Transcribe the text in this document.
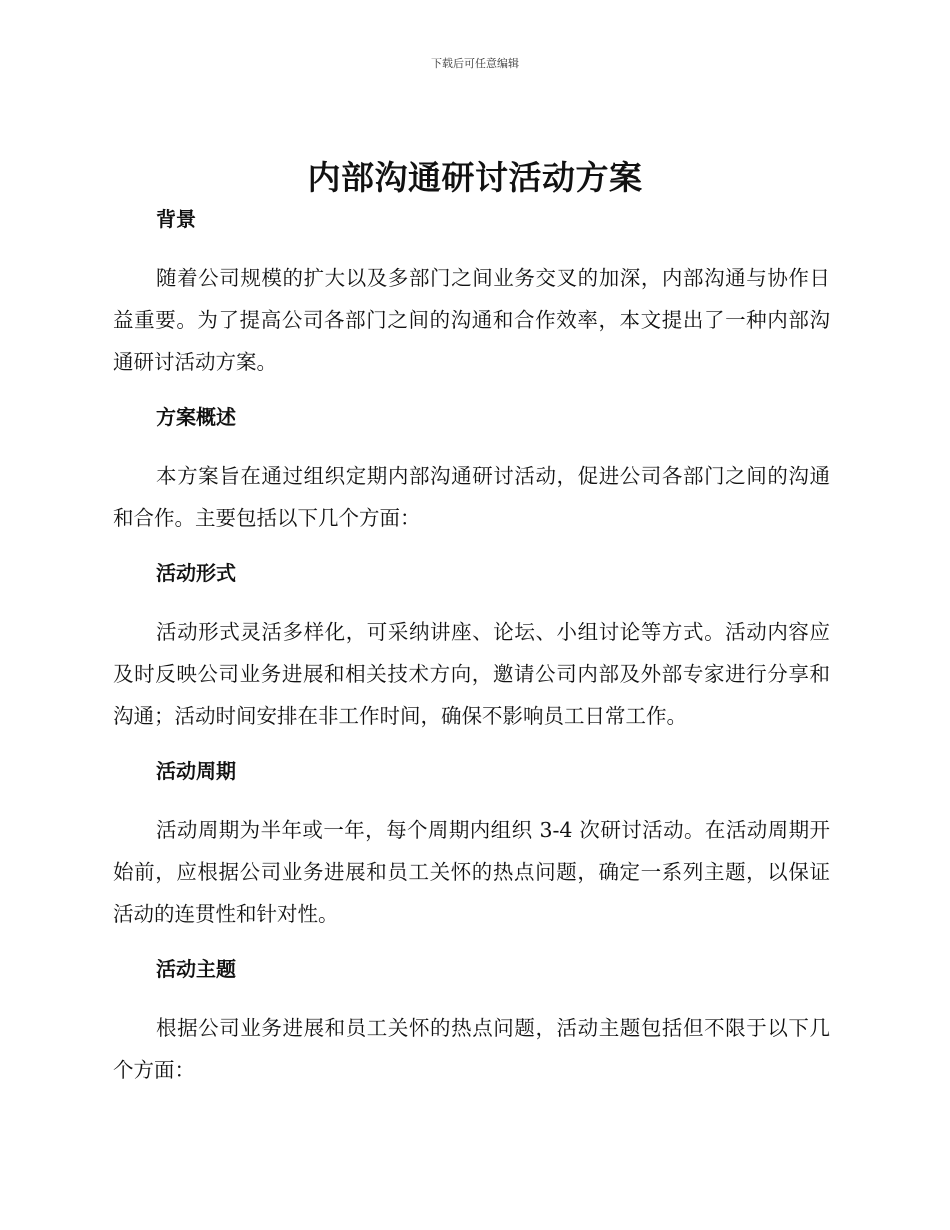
下载后可任意编辑
内部沟通研讨活动方案
背景

随着公司规模的扩大以及多部门之间业务交叉的加深，内部沟通与协作日益重要。为了提高公司各部门之间的沟通和合作效率，本文提出了一种内部沟通研讨活动方案。

方案概述

本方案旨在通过组织定期内部沟通研讨活动，促进公司各部门之间的沟通和合作。主要包括以下几个方面：

活动形式

活动形式灵活多样化，可采纳讲座、论坛、小组讨论等方式。活动内容应及时反映公司业务进展和相关技术方向，邀请公司内部及外部专家进行分享和沟通；活动时间安排在非工作时间，确保不影响员工日常工作。

活动周期

活动周期为半年或一年，每个周期内组织 3-4 次研讨活动。在活动周期开始前，应根据公司业务进展和员工关怀的热点问题，确定一系列主题，以保证活动的连贯性和针对性。

活动主题

根据公司业务进展和员工关怀的热点问题，活动主题包括但不限于以下几个方面：
